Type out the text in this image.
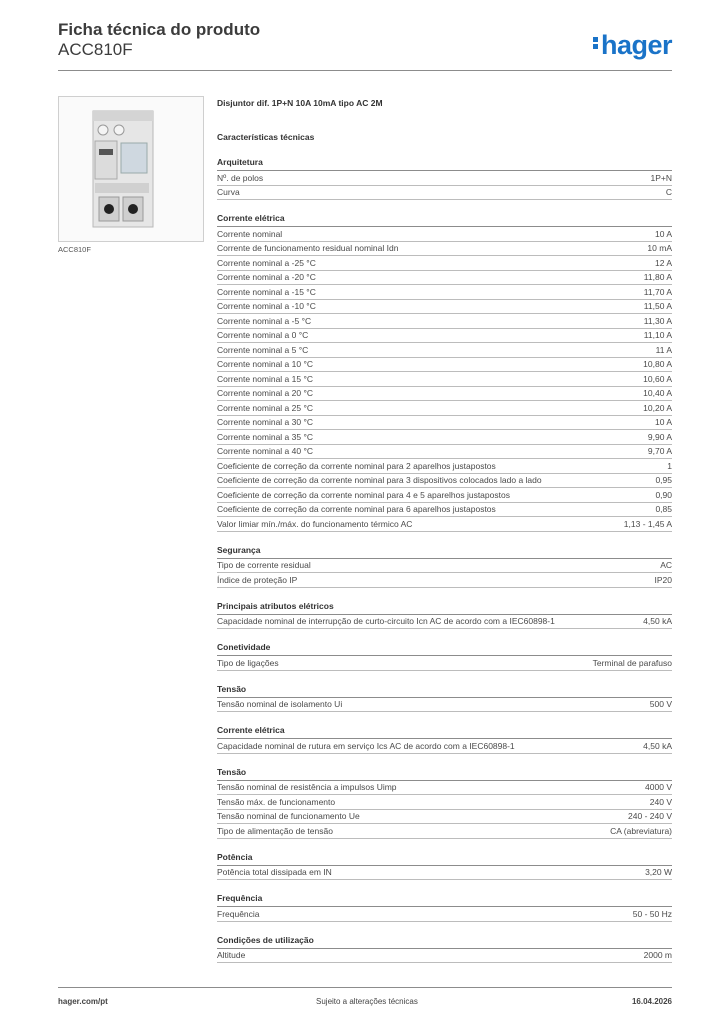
Ficha técnica do produto
ACC810F	hager
ACC810F
Disjuntor dif. 1P+N 10A 10mA tipo AC 2M
Características técnicas
Arquitetura
Nº. de polos	1P+N
Curva	C
Corrente elétrica
Corrente nominal	10 A
Corrente de funcionamento residual nominal Idn	10 mA
Corrente nominal a -25 °C	12 A
Corrente nominal a -20 °C	11,80 A
Corrente nominal a -15 °C	11,70 A
Corrente nominal a -10 °C	11,50 A
Corrente nominal a -5 °C	11,30 A
Corrente nominal a 0 °C	11,10 A
Corrente nominal a 5 °C	11 A
Corrente nominal a 10 °C	10,80 A
Corrente nominal a 15 °C	10,60 A
Corrente nominal a 20 °C	10,40 A
Corrente nominal a 25 °C	10,20 A
Corrente nominal a 30 °C	10 A
Corrente nominal a 35 °C	9,90 A
Corrente nominal a 40 °C	9,70 A
Coeficiente de correção da corrente nominal para 2 aparelhos justapostos	1
Coeficiente de correção da corrente nominal para 3 dispositivos colocados lado a lado	0,95
Coeficiente de correção da corrente nominal para 4 e 5 aparelhos justapostos	0,90
Coeficiente de correção da corrente nominal para 6 aparelhos justapostos	0,85
Valor limiar mín./máx. do funcionamento térmico AC	1,13 - 1,45 A
Segurança
Tipo de corrente residual	AC
Índice de proteção IP	IP20
Principais atributos elétricos
Capacidade nominal de interrupção de curto-circuito Icn AC de acordo com a IEC60898-1	4,50 kA
Conetividade
Tipo de ligações	Terminal de parafuso
Tensão
Tensão nominal de isolamento Ui	500 V
Corrente elétrica
Capacidade nominal de rutura em serviço Ics AC de acordo com a IEC60898-1	4,50 kA
Tensão
Tensão nominal de resistência a impulsos Uimp	4000 V
Tensão máx. de funcionamento	240 V
Tensão nominal de funcionamento Ue	240 - 240 V
Tipo de alimentação de tensão	CA (abreviatura)
Potência
Potência total dissipada em IN	3,20 W
Frequência
Frequência	50 - 50 Hz
Condições de utilização
Altitude	2000 m
hager.com/pt	Sujeito a alterações técnicas	16.04.2026
